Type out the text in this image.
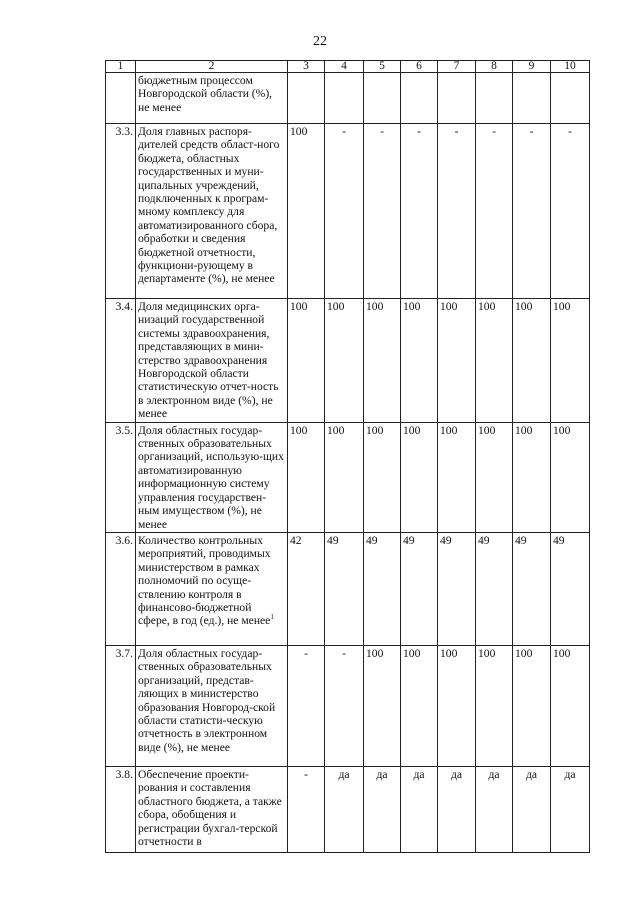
22
1	2	3	4	5	6	7	8	9	10
	бюджетным процессом Новгородской области (%), не менее								
3.3.	Доля главных распоря-дителей средств област-ного бюджета, областных государственных и муни-ципальных учреждений, подключенных к програм-мному комплексу для автоматизированного сбора, обработки и сведения бюджетной отчетности, функциони-рующему в департаменте (%), не менее	100	-	-	-	-	-	-	-
3.4.	Доля медицинских орга-низаций государственной системы здравоохранения, представляющих в мини-стерство здравоохранения Новгородской области статистическую отчет-ность в электронном виде (%), не менее	100	100	100	100	100	100	100	100
3.5.	Доля областных государ-ственных образовательных организаций, использую-щих автоматизированную информационную систему управления государствен-ным имуществом (%), не менее	100	100	100	100	100	100	100	100
3.6.	Количество контрольных мероприятий, проводимых министерством в рамках полномочий по осуще-ствлению контроля в финансово-бюджетной сфере, в год (ед.), не менее$^1$	42	49	49	49	49	49	49	49
3.7.	Доля областных государ-ственных образовательных организаций, представ-ляющих в министерство образования Новгород-ской области статисти-ческую отчетность в электронном виде (%), не менее	-	-	100	100	100	100	100	100
3.8.	Обеспечение проекти-рования и составления областного бюджета, а также сбора, обобщения и регистрации бухгал-терской отчетности в	-	да	да	да	да	да	да	да
